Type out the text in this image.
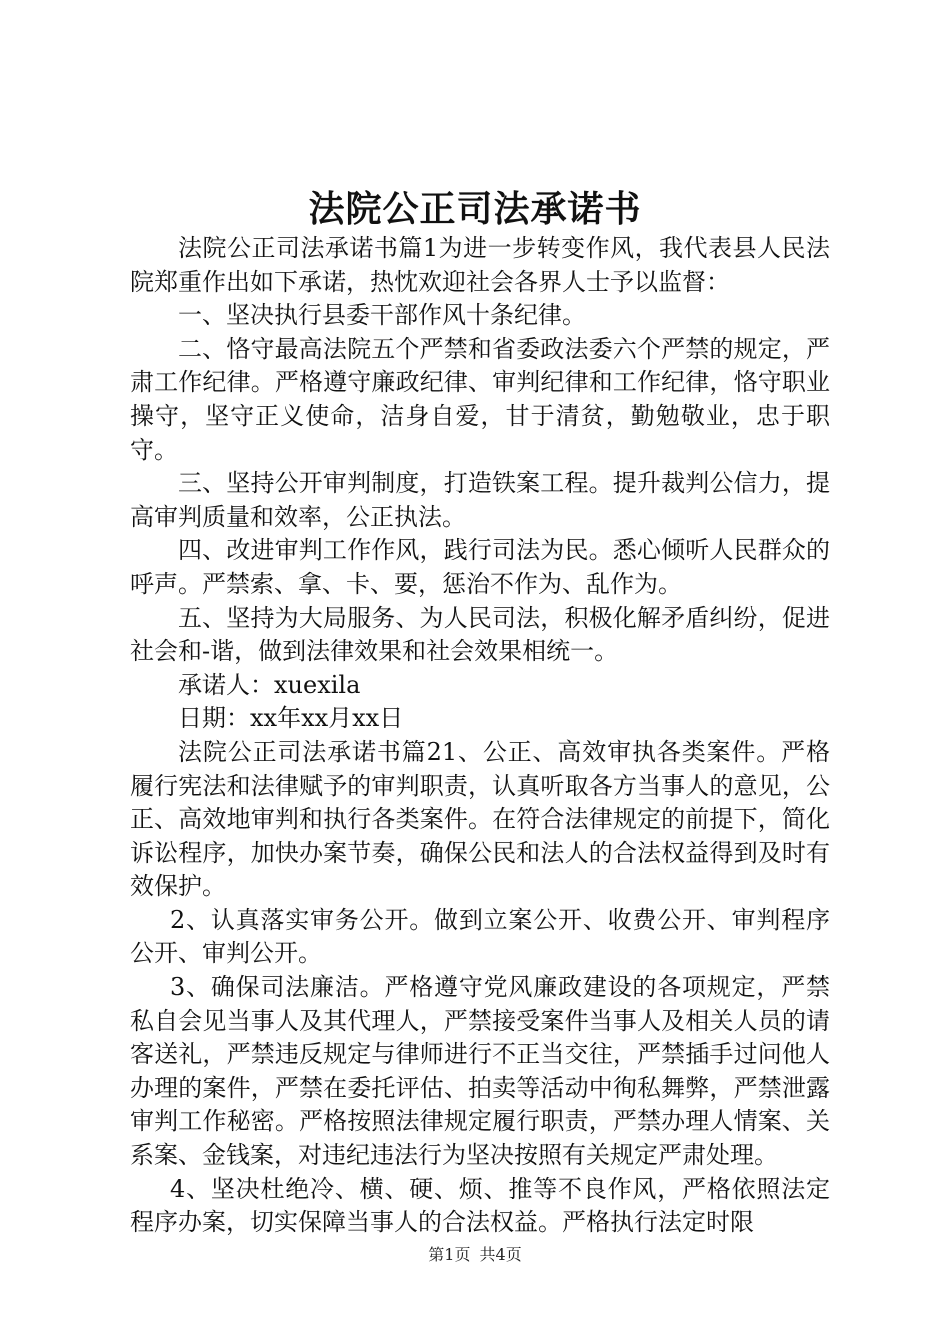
法院公正司法承诺书

法院公正司法承诺书篇1为进一步转变作风，我代表县人民法院郑重作出如下承诺，热忱欢迎社会各界人士予以监督：

一、坚决执行县委干部作风十条纪律。

二、恪守最高法院五个严禁和省委政法委六个严禁的规定，严肃工作纪律。严格遵守廉政纪律、审判纪律和工作纪律，恪守职业操守，坚守正义使命，洁身自爱，甘于清贫，勤勉敬业，忠于职守。

三、坚持公开审判制度，打造铁案工程。提升裁判公信力，提高审判质量和效率，公正执法。

四、改进审判工作作风，践行司法为民。悉心倾听人民群众的呼声。严禁索、拿、卡、要，惩治不作为、乱作为。

五、坚持为大局服务、为人民司法，积极化解矛盾纠纷，促进社会和-谐，做到法律效果和社会效果相统一。

承诺人：xuexila

日期：xx年xx月xx日

法院公正司法承诺书篇21、公正、高效审执各类案件。严格履行宪法和法律赋予的审判职责，认真听取各方当事人的意见，公正、高效地审判和执行各类案件。在符合法律规定的前提下，简化诉讼程序，加快办案节奏，确保公民和法人的合法权益得到及时有效保护。

2、认真落实审务公开。做到立案公开、收费公开、审判程序公开、审判公开。

3、确保司法廉洁。严格遵守党风廉政建设的各项规定，严禁私自会见当事人及其代理人，严禁接受案件当事人及相关人员的请客送礼，严禁违反规定与律师进行不正当交往，严禁插手过问他人办理的案件，严禁在委托评估、拍卖等活动中徇私舞弊，严禁泄露审判工作秘密。严格按照法律规定履行职责，严禁办理人情案、关系案、金钱案，对违纪违法行为坚决按照有关规定严肃处理。

4、坚决杜绝冷、横、硬、烦、推等不良作风，严格依照法定程序办案，切实保障当事人的合法权益。严格执行法定时限

第1页 共4页
